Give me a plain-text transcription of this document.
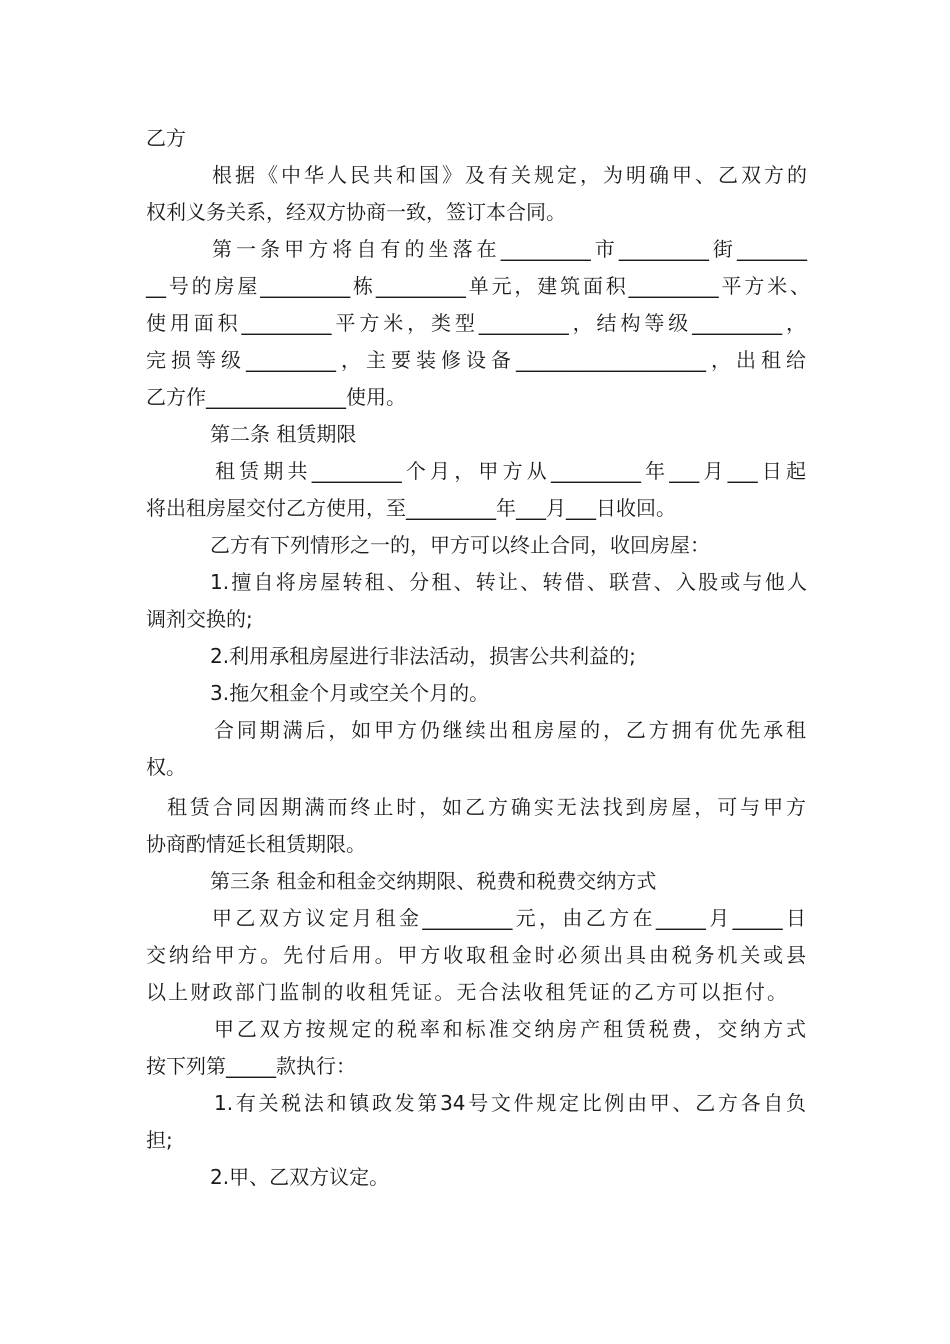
乙方
根据《中华人民共和国》及有关规定，为明确甲、乙双方的
权利义务关系，经双方协商一致，签订本合同。
第一条甲方将自有的坐落在_________市_________街_______
__号的房屋_________栋_________单元，建筑面积_________平方米、
使用面积_________平方米，类型_________，结构等级_________，
完损等级_________，主要装修设备___________________，出租给
乙方作______________使用。
第二条 租赁期限
租赁期共_________个月，甲方从_________年___月___日起
将出租房屋交付乙方使用，至_________年___月___日收回。
乙方有下列情形之一的，甲方可以终止合同，收回房屋：
1.擅自将房屋转租、分租、转让、转借、联营、入股或与他人
调剂交换的;
2.利用承租房屋进行非法活动，损害公共利益的;
3.拖欠租金个月或空关个月的。
合同期满后，如甲方仍继续出租房屋的，乙方拥有优先承租
权。
租赁合同因期满而终止时，如乙方确实无法找到房屋，可与甲方
协商酌情延长租赁期限。
第三条 租金和租金交纳期限、税费和税费交纳方式
甲乙双方议定月租金_________元，由乙方在_____月_____日
交纳给甲方。先付后用。甲方收取租金时必须出具由税务机关或县
以上财政部门监制的收租凭证。无合法收租凭证的乙方可以拒付。
甲乙双方按规定的税率和标准交纳房产租赁税费，交纳方式
按下列第_____款执行：
1.有关税法和镇政发第34号文件规定比例由甲、乙方各自负
担;
2.甲、乙双方议定。
